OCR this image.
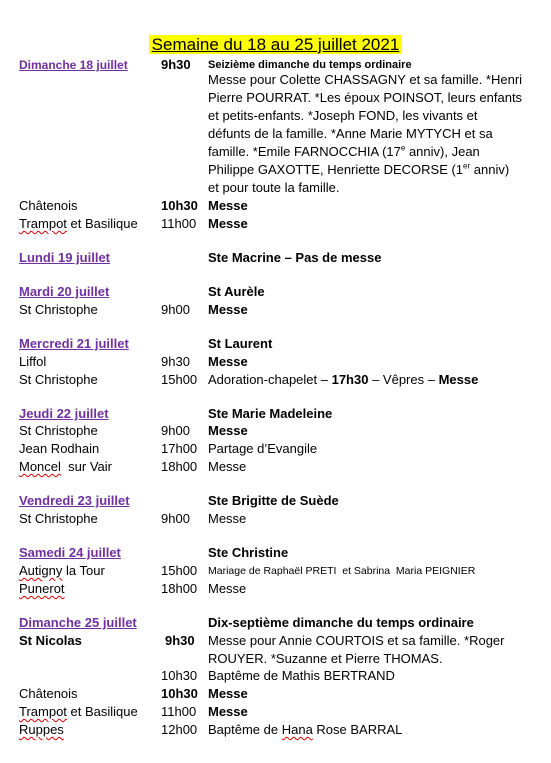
Semaine du 18 au 25 juillet 2021
Dimanche 18 juillet	9h30 Seizième dimanche du temps ordinaire
Messe pour Colette CHASSAGNY et sa famille. *Henri Pierre POURRAT. *Les époux POINSOT, leurs enfants et petits-enfants. *Joseph FOND, les vivants et défunts de la famille. *Anne Marie MYTYCH et sa famille. *Emile FARNOCCHIA (17e anniv), Jean Philippe GAXOTTE, Henriette DECORSE (1er anniv) et pour toute la famille.
Châtenois	10h30 Messe
Trampot et Basilique 11h00 Messe
Lundi 19 juillet	Ste Macrine – Pas de messe
Mardi 20 juillet	St Aurèle
St Christophe	9h00 Messe
Mercredi 21 juillet	St Laurent
Liffol	9h30 Messe
St Christophe	15h00 Adoration-chapelet – 17h30 – Vêpres – Messe
Jeudi 22 juillet	Ste Marie Madeleine
St Christophe	9h00 Messe
Jean Rodhain	17h00 Partage d’Evangile
Moncel  sur Vair	18h00 Messe
Vendredi 23 juillet	Ste Brigitte de Suède
St Christophe	9h00 Messe
Samedi 24 juillet	Ste Christine
Autigny la Tour	15h00 Mariage de Raphaël PRETI  et Sabrina  Maria PEIGNIER
Punerot	18h00 Messe
Dimanche 25 juillet	Dix-septième dimanche du temps ordinaire
St Nicolas	9h30 Messe pour Annie COURTOIS et sa famille. *Roger ROUYER. *Suzanne et Pierre THOMAS.
10h30 Baptême de Mathis BERTRAND
Châtenois	10h30 Messe
Trampot et Basilique 11h00 Messe
Ruppes	12h00 Baptême de Hana Rose BARRAL
